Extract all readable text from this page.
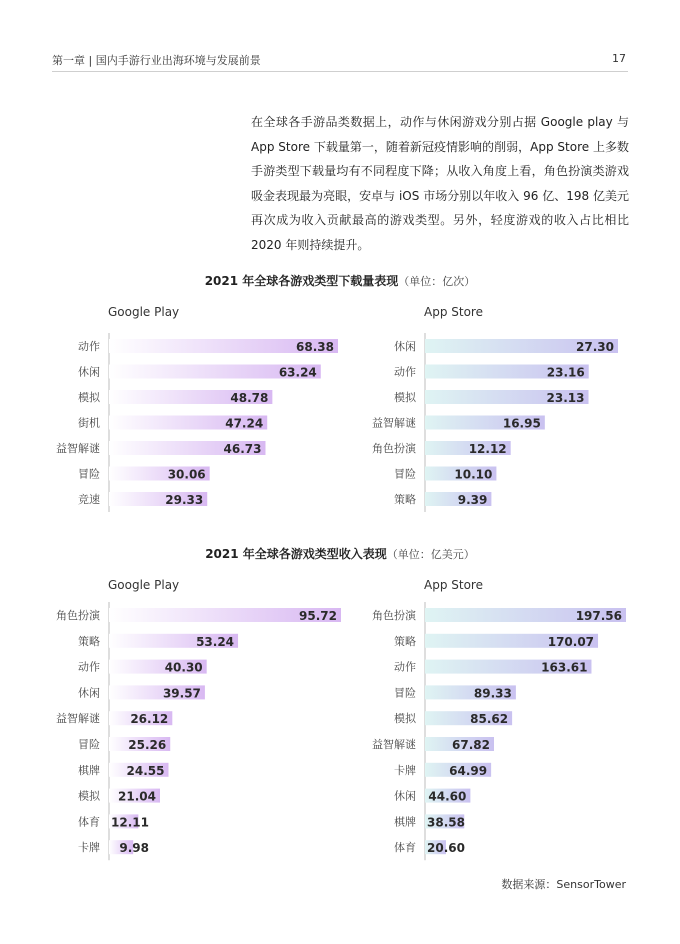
第一章 | 国内手游行业出海环境与发展前景	17
在全球各手游品类数据上，动作与休闲游戏分别占据 Google play 与 App Store 下载量第一，随着新冠疫情影响的削弱，App Store 上多数手游类型下载量均有不同程度下降；从收入角度上看，角色扮演类游戏吸金表现最为亮眼，安卓与 iOS 市场分别以年收入 96 亿、198 亿美元再次成为收入贡献最高的游戏类型。另外，轻度游戏的收入占比相比 2020 年则持续提升。
2021 年全球各游戏类型下载量表现（单位：亿次）
2021 年全球各游戏类型收入表现（单位：亿美元）
Google Play
动作	68.38
休闲	63.24
模拟	48.78
街机	47.24
益智解谜	46.73
冒险	30.06
竞速	29.33
App Store
休闲	27.30
动作	23.16
模拟	23.13
益智解谜	16.95
角色扮演	12.12
冒险	10.10
策略	9.39
Google Play
角色扮演	95.72
策略	53.24
动作	40.30
休闲	39.57
益智解谜	26.12
冒险 25.26
棋牌 24.55
模拟 21.04
体育 12.11
卡牌 9.98
App Store
角色扮演	197.56
策略	170.07
动作	163.61
冒险	89.33
模拟	85.62
益智解谜	67.82
卡牌	64.99
休闲 44.60
棋牌 38.58
体育 20.60
数据来源：SensorTower
